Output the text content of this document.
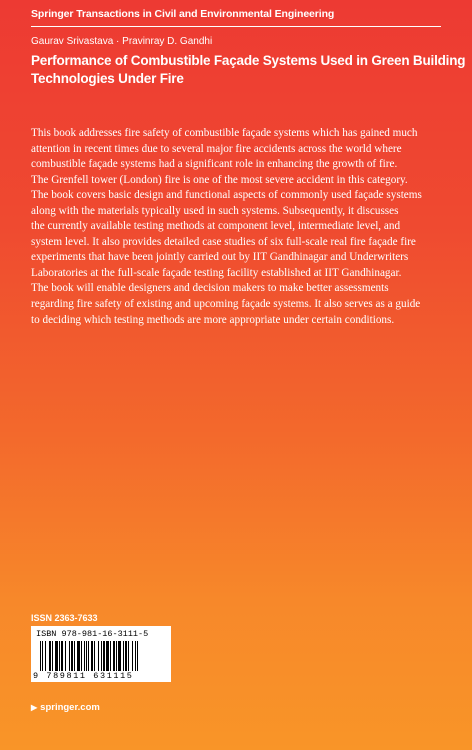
Springer Transactions in Civil and Environmental Engineering

Gaurav Srivastava · Pravinray D. Gandhi

Performance of Combustible Façade Systems Used in Green Building
Technologies Under Fire
This book addresses fire safety of combustible façade systems which has gained much
attention in recent times due to several major fire accidents across the world where
combustible façade systems had a significant role in enhancing the growth of fire.
The Grenfell tower (London) fire is one of the most severe accident in this category.
The book covers basic design and functional aspects of commonly used façade systems
along with the materials typically used in such systems. Subsequently, it discusses
the currently available testing methods at component level, intermediate level, and
system level. It also provides detailed case studies of six full-scale real fire façade fire
experiments that have been jointly carried out by IIT Gandhinagar and Underwriters
Laboratories at the full-scale façade testing facility established at IIT Gandhinagar.
The book will enable designers and decision makers to make better assessments
regarding fire safety of existing and upcoming façade systems. It also serves as a guide
to deciding which testing methods are more appropriate under certain conditions.

ISSN 2363-7633

ISBN 978-981-16-3111-5

9 789811 631115

▶ springer.com
